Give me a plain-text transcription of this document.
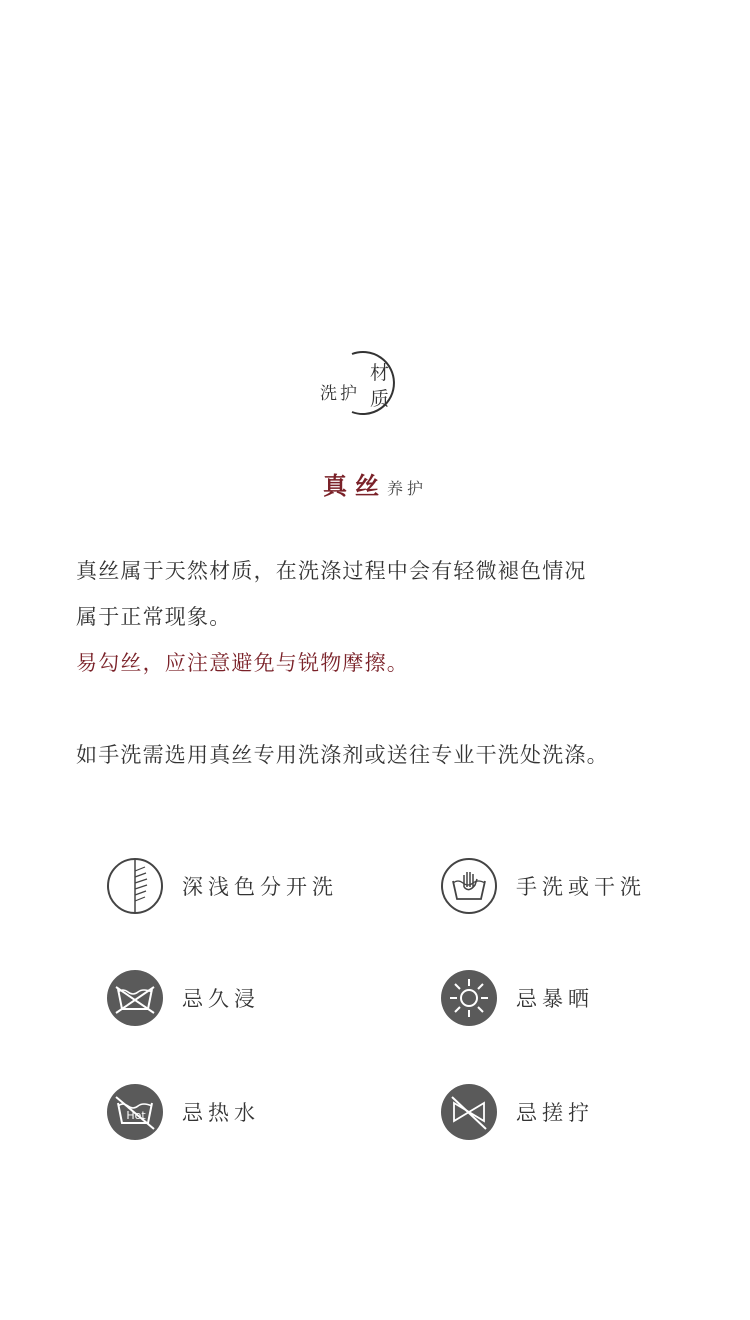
洗护
材
质
真丝养护
真丝属于天然材质，在洗涤过程中会有轻微褪色情况
属于正常现象。
易勾丝，应注意避免与锐物摩擦。
如手洗需选用真丝专用洗涤剂或送往专业干洗处洗涤。
深浅色分开洗	手洗或干洗
忌久浸	忌暴晒
Hot 忌热水	忌搓拧
